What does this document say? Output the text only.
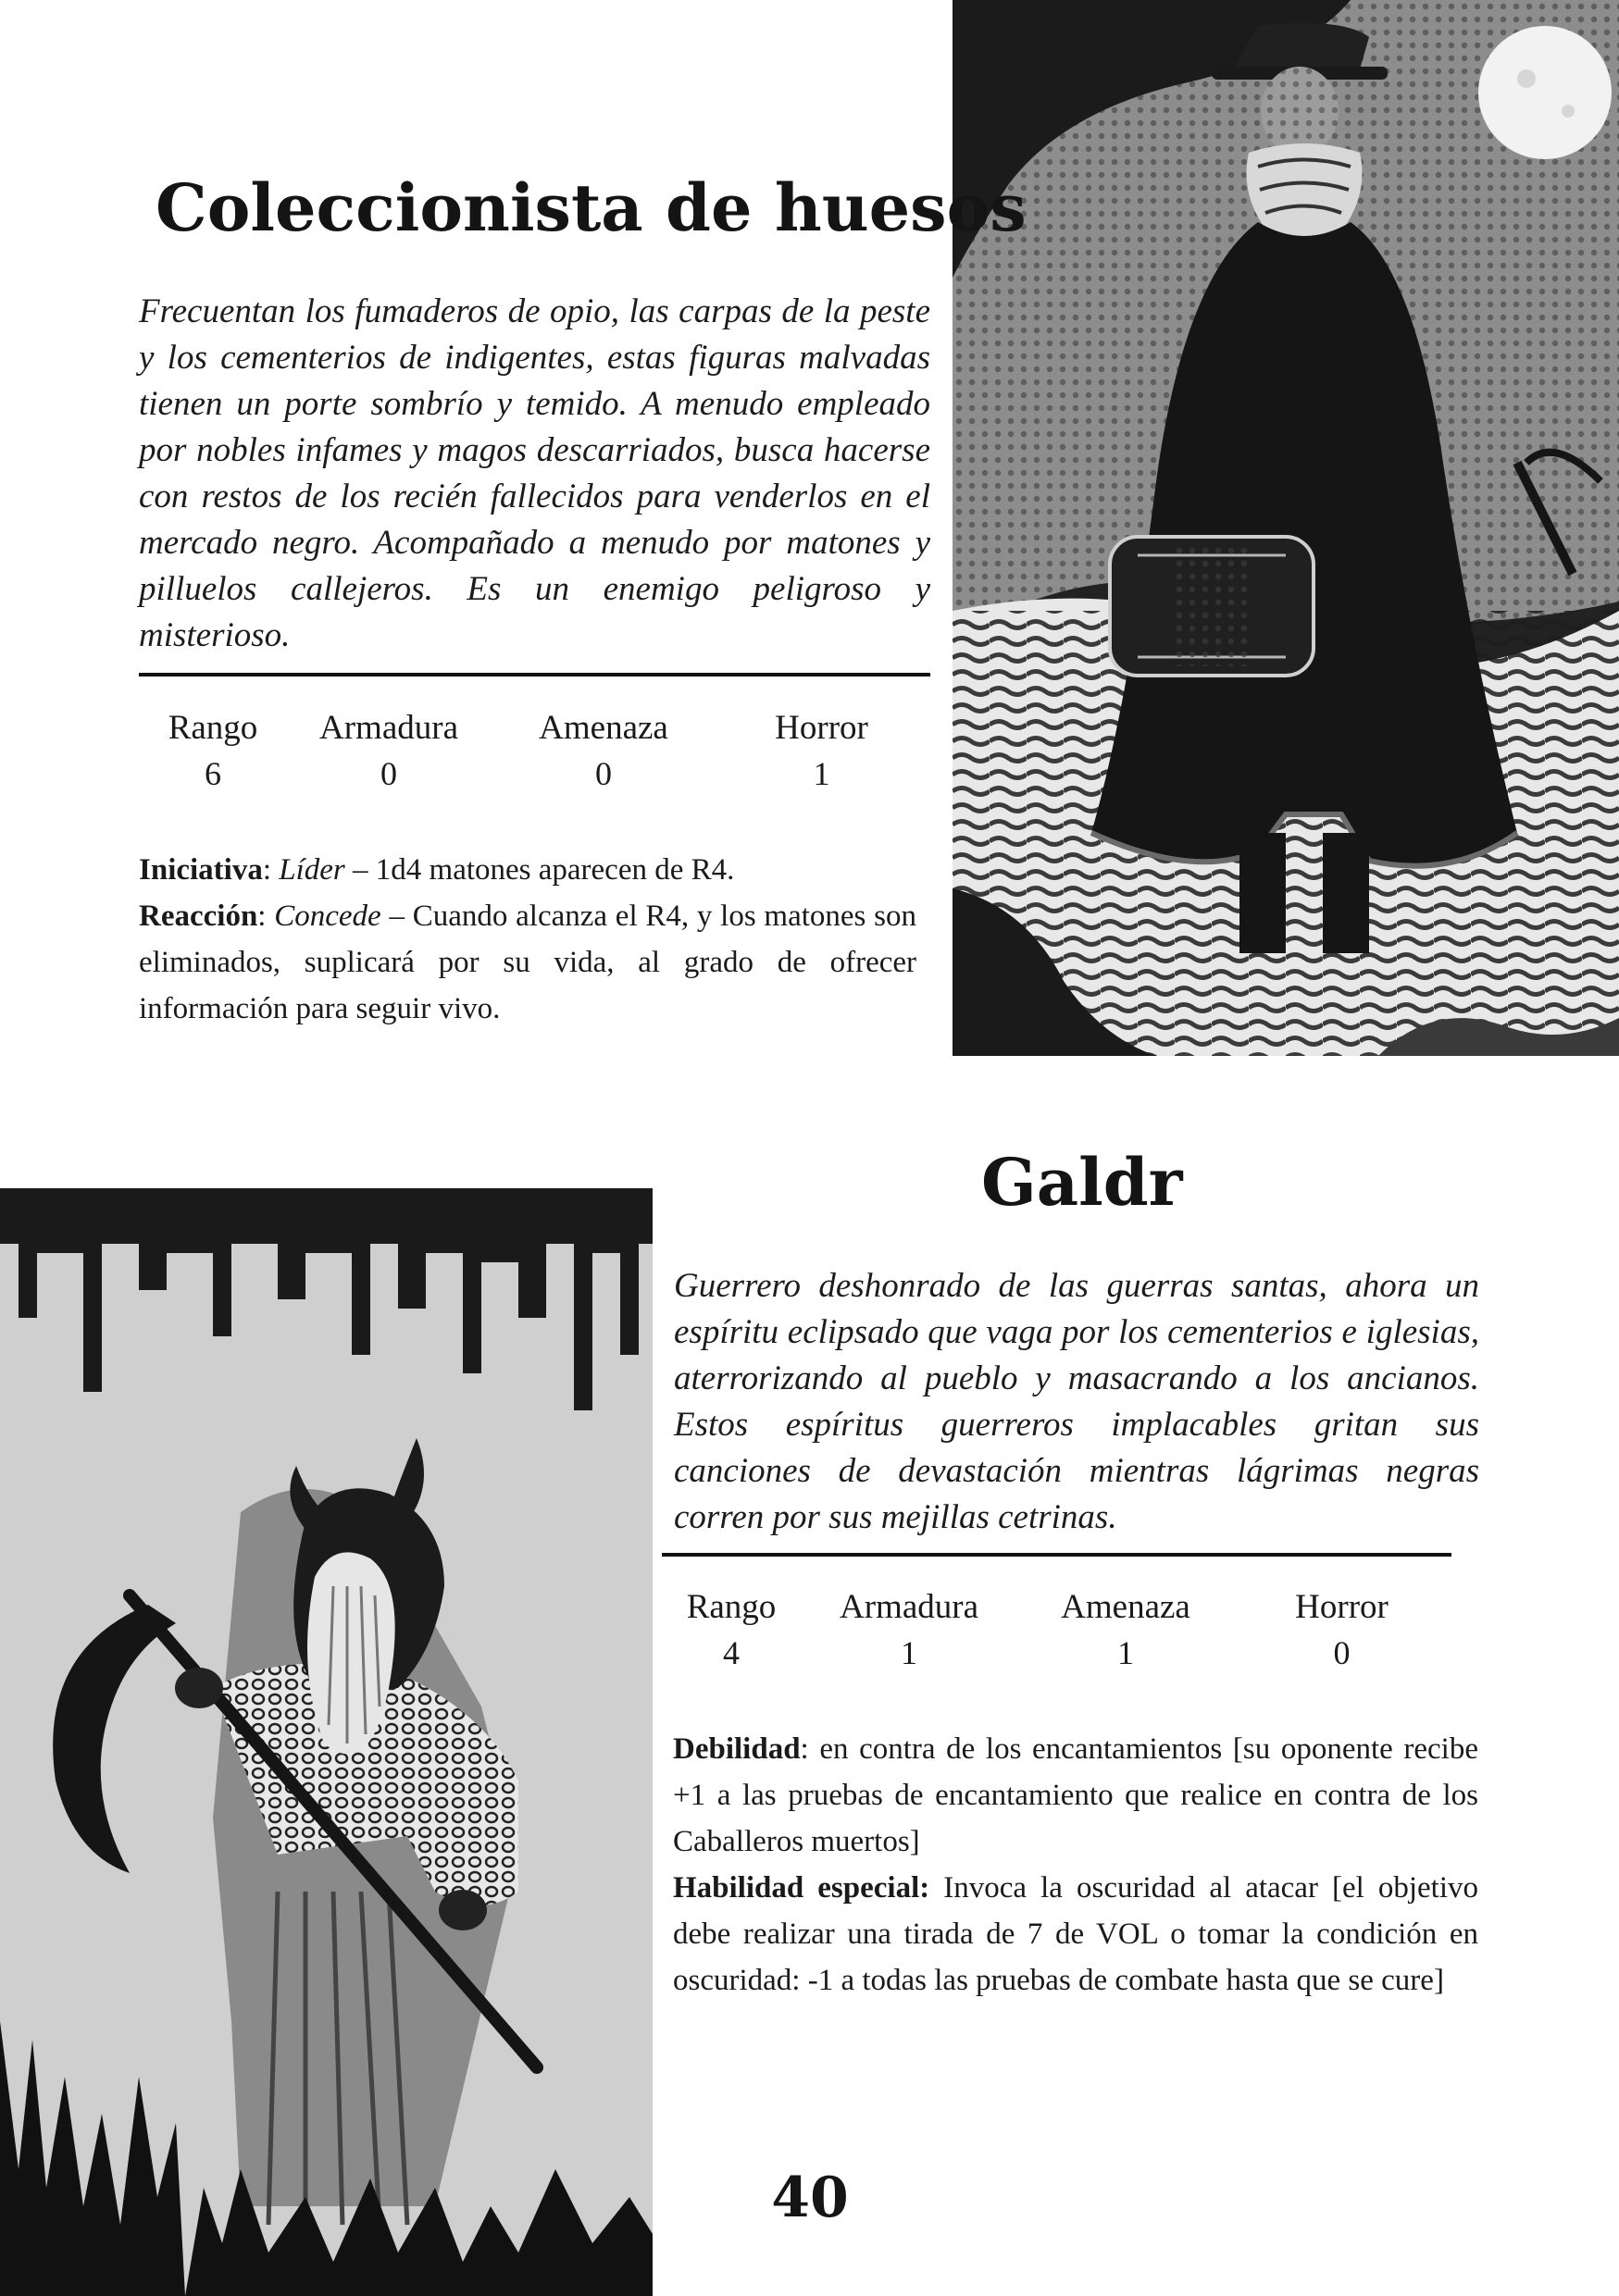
Coleccionista de huesos

Frecuentan los fumaderos de opio, las carpas de la peste y los cementerios de indigentes, estas figuras malvadas tienen un porte sombrío y temido. A menudo empleado por nobles infames y magos descarriados, busca hacerse con restos de los recién fallecidos para venderlos en el mercado negro. Acompañado a menudo por matones y pilluelos callejeros. Es un enemigo peligroso y misterioso.

Rango
6
Armadura
0
Amenaza
0
Horror
1

Iniciativa: Líder – 1d4 matones aparecen de R4.

Reacción: Concede – Cuando alcanza el R4, y los matones son eliminados, suplicará por su vida, al grado de ofrecer información para seguir vivo.

Galdr

Guerrero deshonrado de las guerras santas, ahora un espíritu eclipsado que vaga por los cementerios e iglesias, aterrorizando al pueblo y masacrando a los ancianos. Estos espíritus guerreros implacables gritan sus canciones de devastación mientras lágrimas negras corren por sus mejillas cetrinas.

Rango
4
Armadura
1
Amenaza
1
Horror
0

Debilidad: en contra de los encantamientos [su oponente recibe +1 a las pruebas de encantamiento que realice en contra de los Caballeros muertos]

Habilidad especial: Invoca la oscuridad al atacar [el objetivo debe realizar una tirada de 7 de VOL o tomar la condición en oscuridad: -1 a todas las pruebas de combate hasta que se cure]

40
